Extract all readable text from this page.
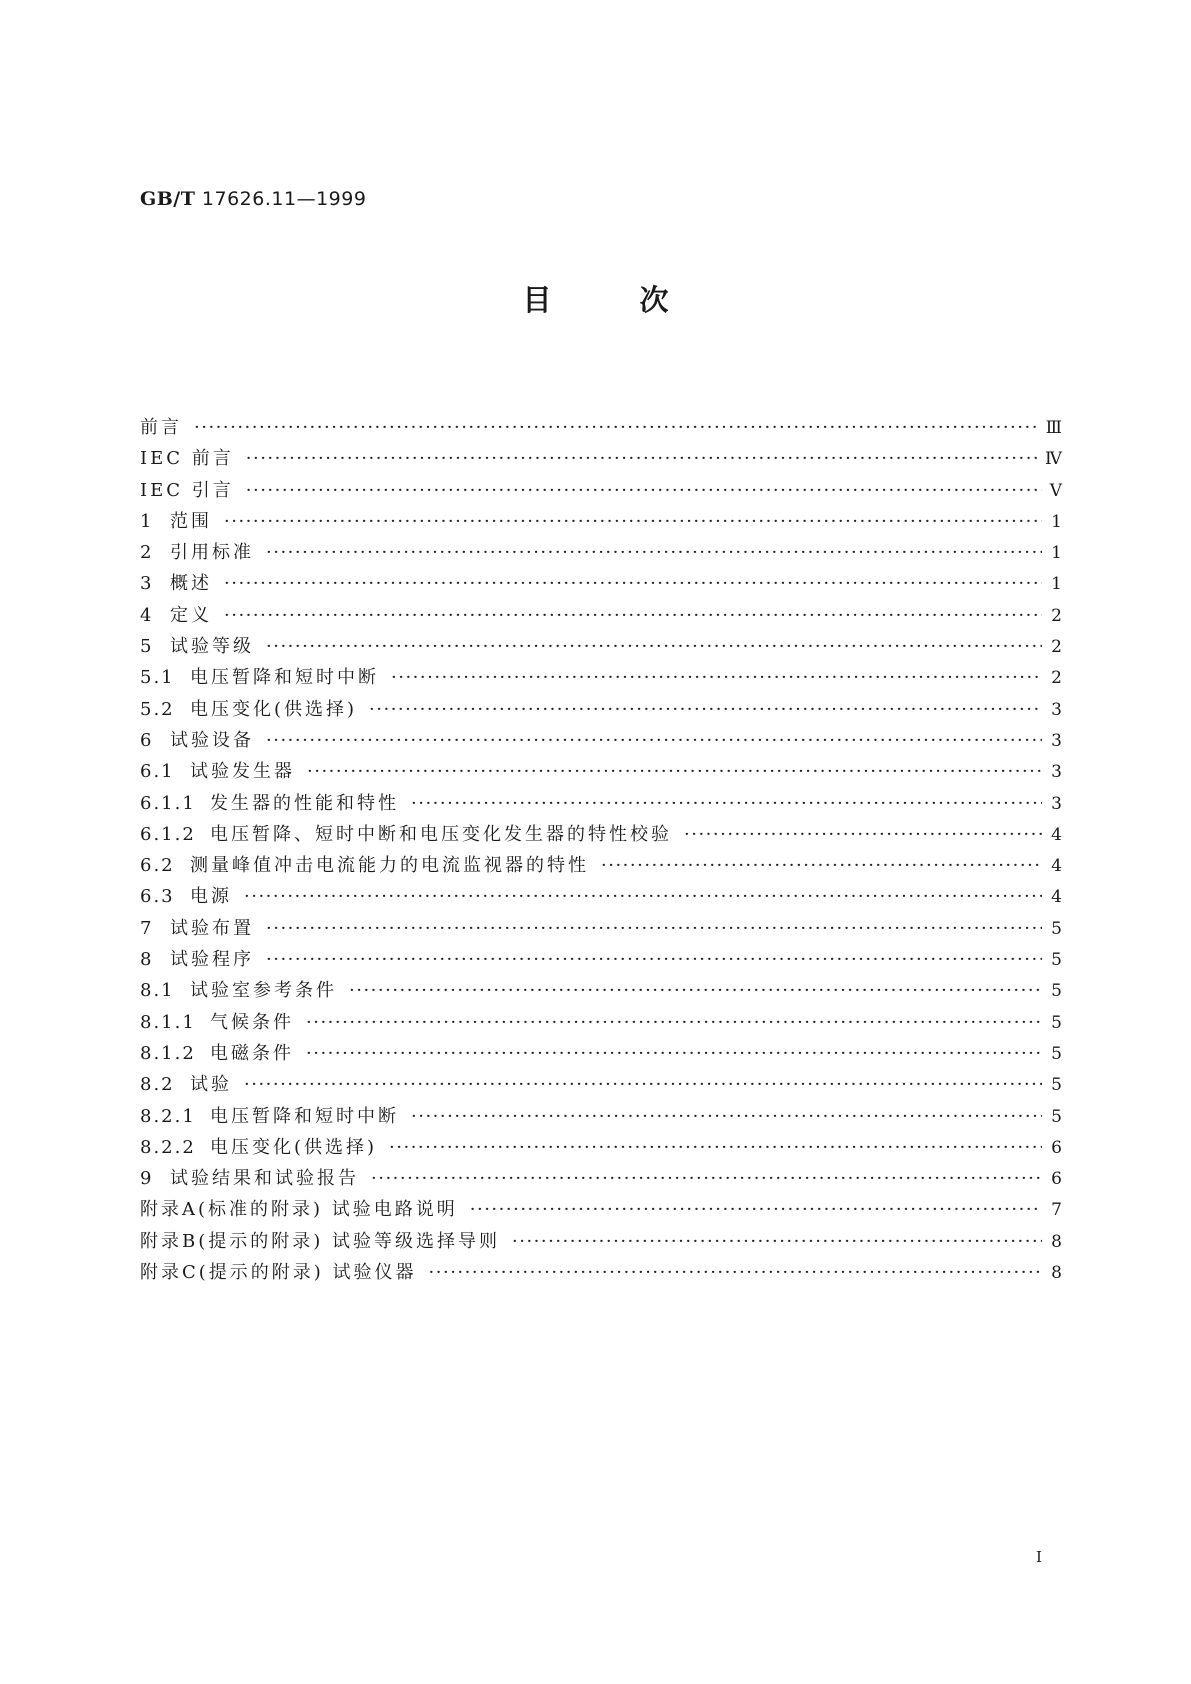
GB/T 17626.11—1999
目次
前言 ·····	Ⅲ
IEC 前言 ·····	Ⅳ
IEC 引言 ·····	Ⅴ
1 范围 ·····	1
2 引用标准 ·····	1
3 概述 ·····	1
4 定义 ·····	2
5 试验等级 ·····	2
5.1 电压暂降和短时中断 ·····	2
5.2 电压变化(供选择) ·····	3
6 试验设备 ·····	3
6.1 试验发生器 ·····	3
6.1.1 发生器的性能和特性 ·····	3
6.1.2 电压暂降、短时中断和电压变化发生器的特性校验 ·····	4
6.2 测量峰值冲击电流能力的电流监视器的特性 ·····	4
6.3 电源 ·····	4
7 试验布置 ·····	5
8 试验程序 ·····	5
8.1 试验室参考条件 ·····	5
8.1.1 气候条件 ·····	5
8.1.2 电磁条件 ·····	5
8.2 试验 ·····	5
8.2.1 电压暂降和短时中断 ·····	5
8.2.2 电压变化(供选择) ·····	6
9 试验结果和试验报告 ·····	6
附录A(标准的附录) 试验电路说明 ·····	7
附录B(提示的附录) 试验等级选择导则 ·····	8
附录C(提示的附录) 试验仪器 ·····	8
I
